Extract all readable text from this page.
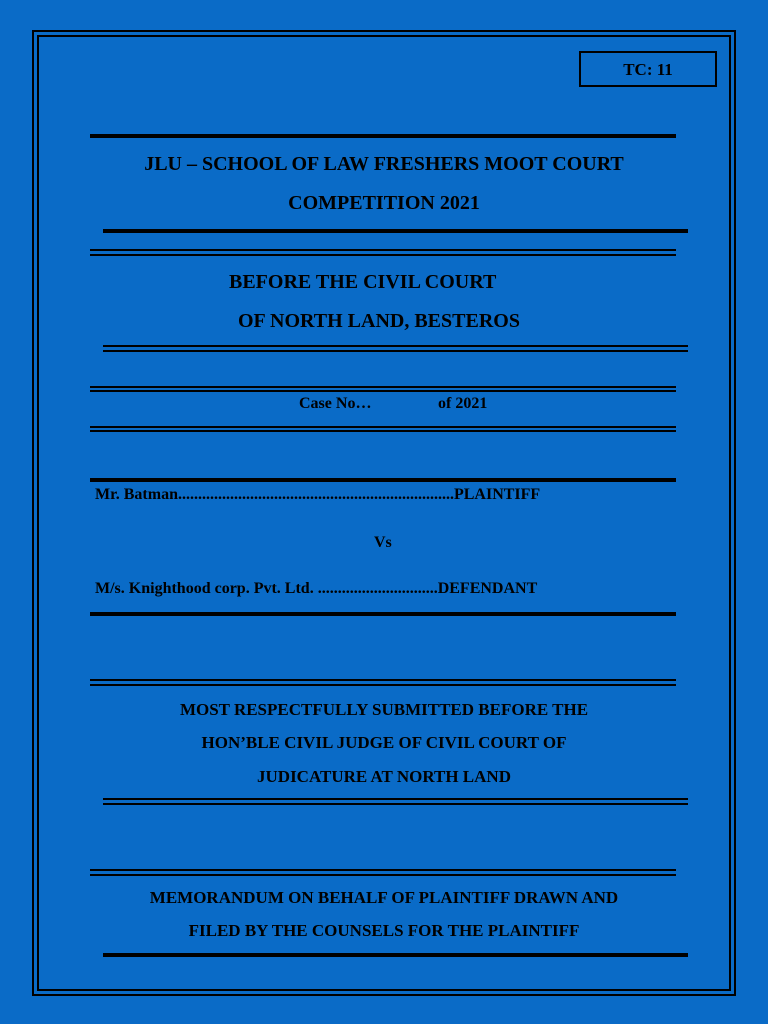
TC: 11
JLU – SCHOOL OF LAW FRESHERS MOOT COURT
COMPETITION 2021
BEFORE THE CIVIL COURT
OF NORTH LAND, BESTEROS
Case No…	of 2021
Mr. Batman.....................................................................PLAINTIFF
Vs
M/s. Knighthood corp. Pvt. Ltd. ..............................DEFENDANT
MOST RESPECTFULLY SUBMITTED BEFORE THE
HON’BLE CIVIL JUDGE OF CIVIL COURT OF
JUDICATURE AT NORTH LAND
MEMORANDUM ON BEHALF OF PLAINTIFF DRAWN AND
FILED BY THE COUNSELS FOR THE PLAINTIFF
